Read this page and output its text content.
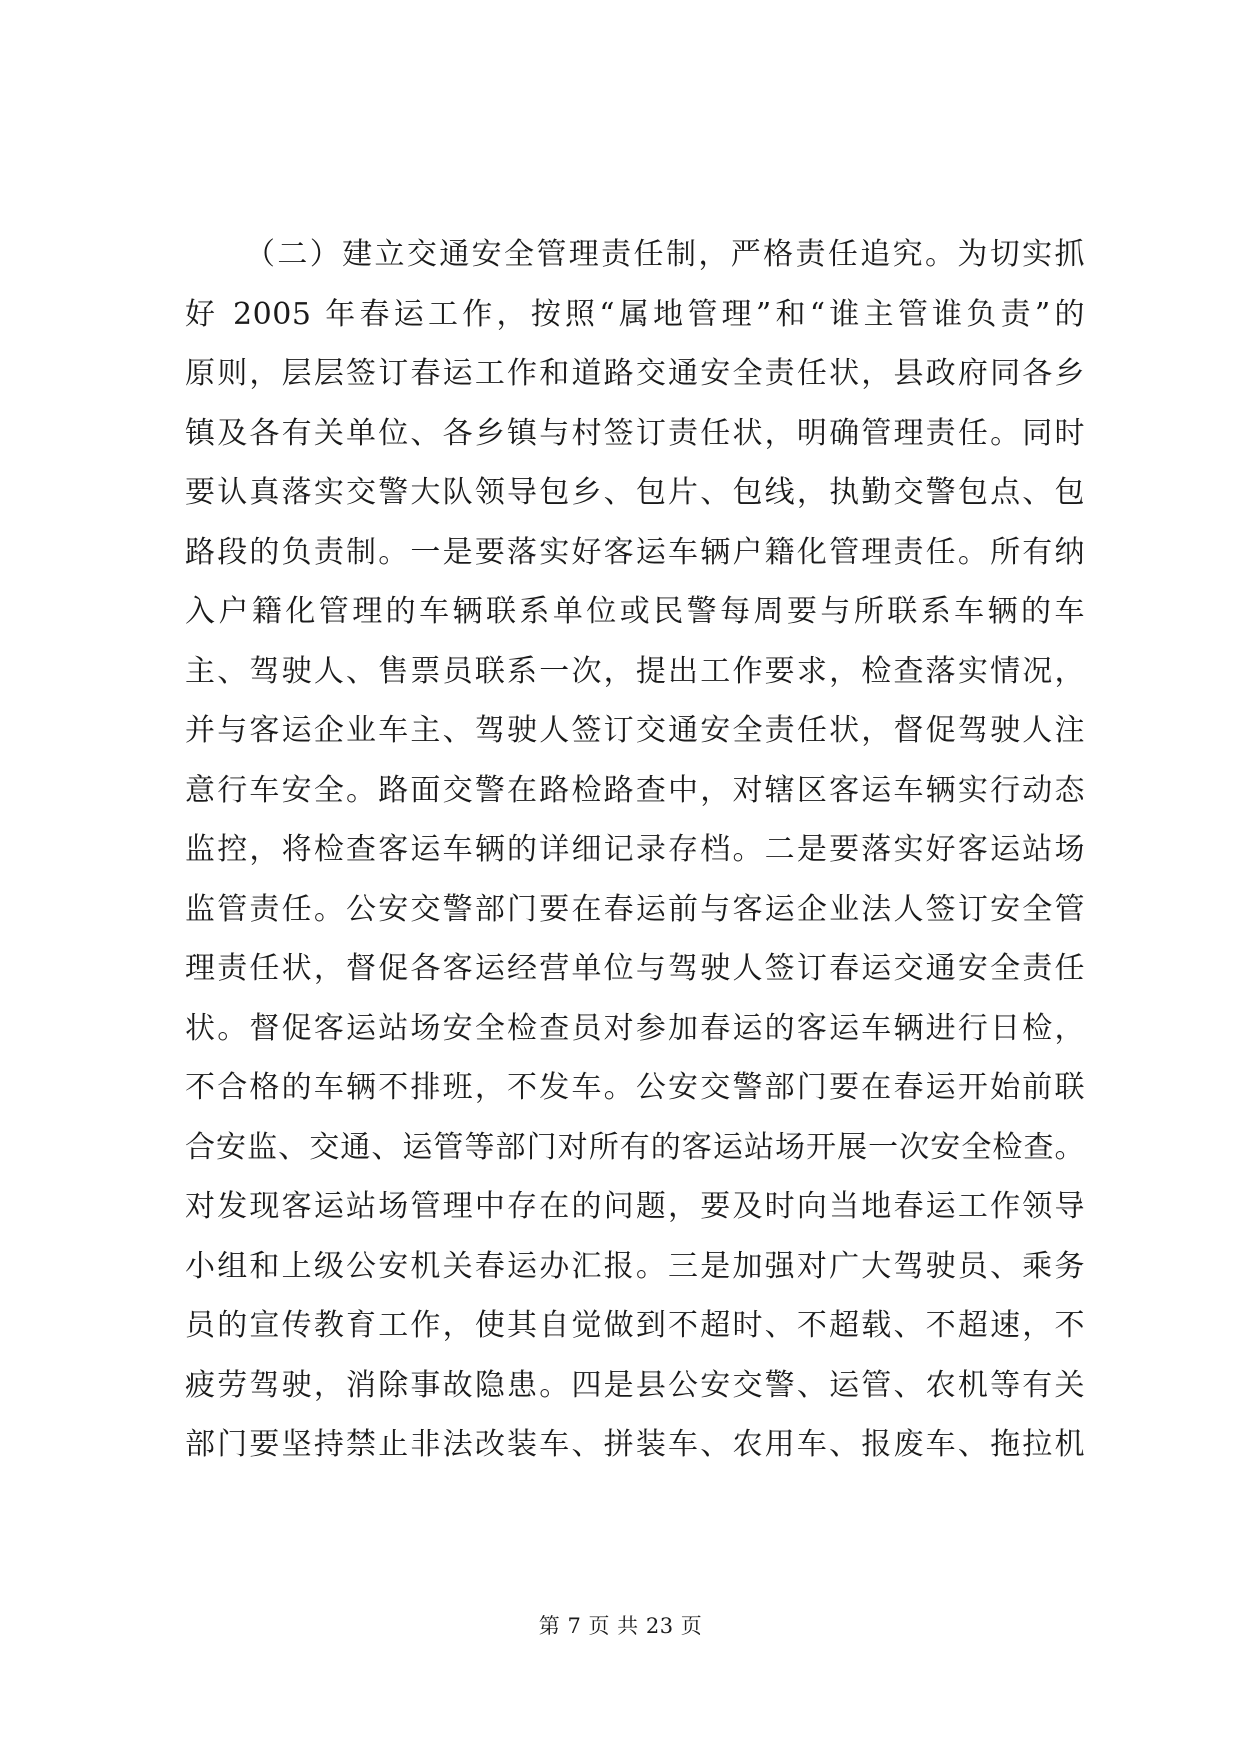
（二）建立交通安全管理责任制，严格责任追究。为切实抓
好 2005 年春运工作，按照“属地管理”和“谁主管谁负责”的
原则，层层签订春运工作和道路交通安全责任状，县政府同各乡
镇及各有关单位、各乡镇与村签订责任状，明确管理责任。同时
要认真落实交警大队领导包乡、包片、包线，执勤交警包点、包
路段的负责制。一是要落实好客运车辆户籍化管理责任。所有纳
入户籍化管理的车辆联系单位或民警每周要与所联系车辆的车
主、驾驶人、售票员联系一次，提出工作要求，检查落实情况，
并与客运企业车主、驾驶人签订交通安全责任状，督促驾驶人注
意行车安全。路面交警在路检路查中，对辖区客运车辆实行动态
监控，将检查客运车辆的详细记录存档。二是要落实好客运站场
监管责任。公安交警部门要在春运前与客运企业法人签订安全管
理责任状，督促各客运经营单位与驾驶人签订春运交通安全责任
状。督促客运站场安全检查员对参加春运的客运车辆进行日检，
不合格的车辆不排班，不发车。公安交警部门要在春运开始前联
合安监、交通、运管等部门对所有的客运站场开展一次安全检查。
对发现客运站场管理中存在的问题，要及时向当地春运工作领导
小组和上级公安机关春运办汇报。三是加强对广大驾驶员、乘务
员的宣传教育工作，使其自觉做到不超时、不超载、不超速，不
疲劳驾驶，消除事故隐患。四是县公安交警、运管、农机等有关
部门要坚持禁止非法改装车、拼装车、农用车、报废车、拖拉机
第 7 页 共 23 页
